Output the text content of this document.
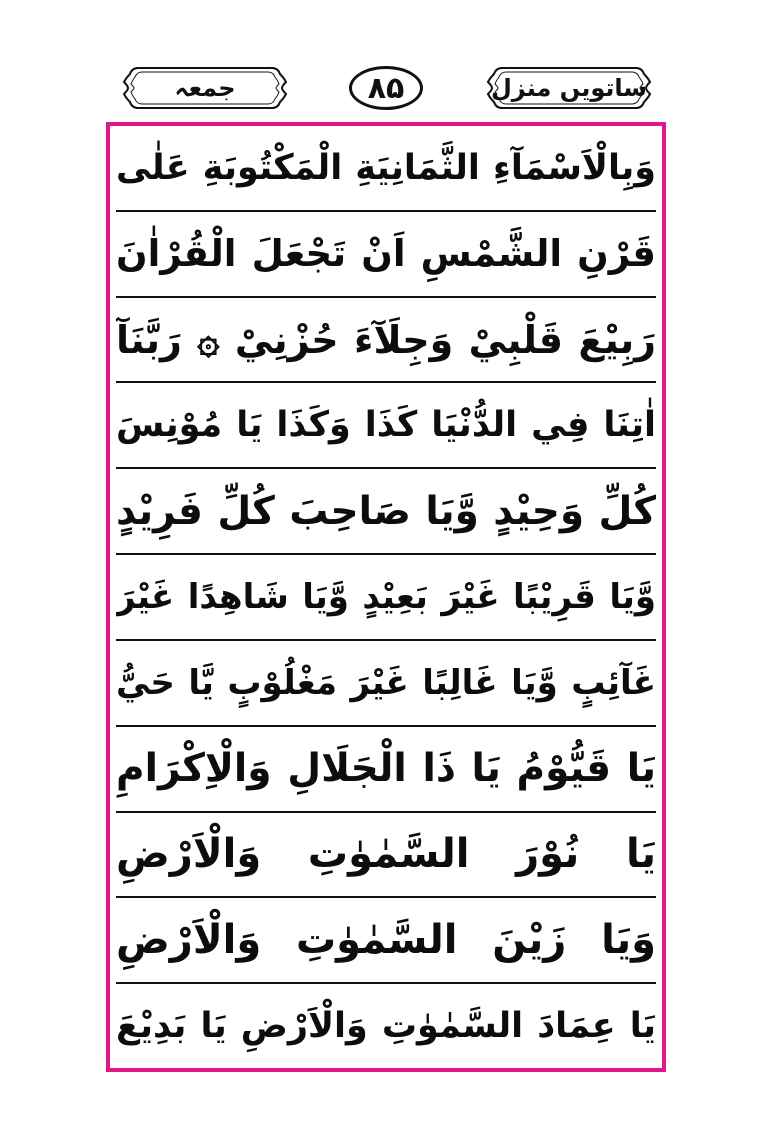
جمعہ	۸۵	ساتویں منزل
وَبِالْاَسْمَآءِ الثَّمَانِيَةِ الْمَكْتُوبَةِ عَلٰى
قَرْنِ الشَّمْسِ اَنْ تَجْعَلَ الْقُرْاٰنَ
رَبِيْعَ قَلْبِيْ وَجِلَآءَ حُزْنِيْ ۞ رَبَّنَآ
اٰتِنَا فِي الدُّنْيَا كَذَا وَكَذَا يَا مُوْنِسَ
كُلِّ وَحِيْدٍ وَّيَا صَاحِبَ كُلِّ فَرِيْدٍ
وَّيَا قَرِيْبًا غَيْرَ بَعِيْدٍ وَّيَا شَاهِدًا غَيْرَ
غَآئِبٍ وَّيَا غَالِبًا غَيْرَ مَغْلُوْبٍ يَّا حَيُّ
يَا قَيُّوْمُ يَا ذَا الْجَلَالِ وَالْاِكْرَامِ
يَا نُوْرَ السَّمٰوٰتِ وَالْاَرْضِ
وَيَا زَيْنَ السَّمٰوٰتِ وَالْاَرْضِ
يَا عِمَادَ السَّمٰوٰتِ وَالْاَرْضِ يَا بَدِيْعَ
